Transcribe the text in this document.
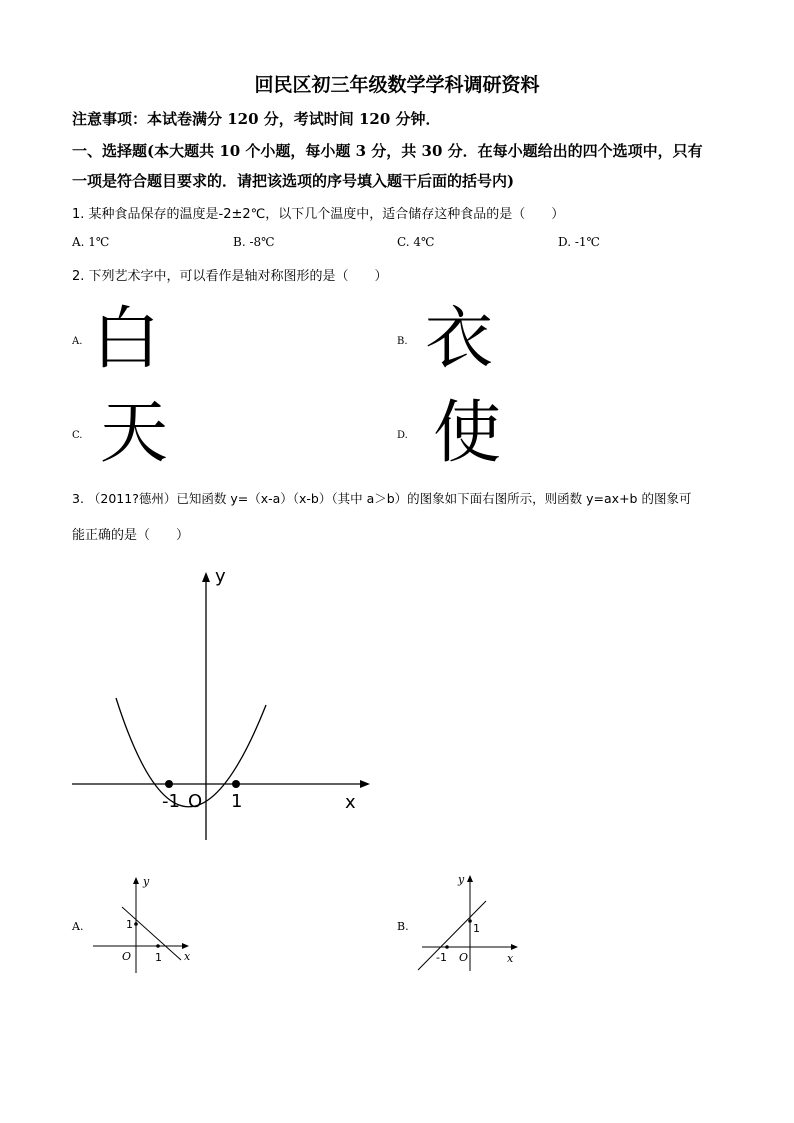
回民区初三年级数学学科调研资料
注意事项：本试卷满分 120 分，考试时间 120 分钟．
一、选择题(本大题共 10 个小题，每小题 3 分，共 30 分．在每小题给出的四个选项中，只有
一项是符合题目要求的．请把该选项的序号填入题干后面的括号内)
1. 某种食品保存的温度是-2±2℃，以下几个温度中，适合储存这种食品的是（　　）
A. 1℃	B. -8℃	C. 4℃	D. -1℃
2. 下列艺术字中，可以看作是轴对称图形的是（　　）
A. 白	B. 衣
C. 天	D. 使
3. （2011?德州）已知函数 y=（x-a）（x-b）（其中 a＞b）的图象如下面右图所示，则函数 y=ax+b 的图象可
能正确的是（　　）
y
x
O
-1	1
A.
y
x
O
1
1
B.
y
x
O
1
-1
